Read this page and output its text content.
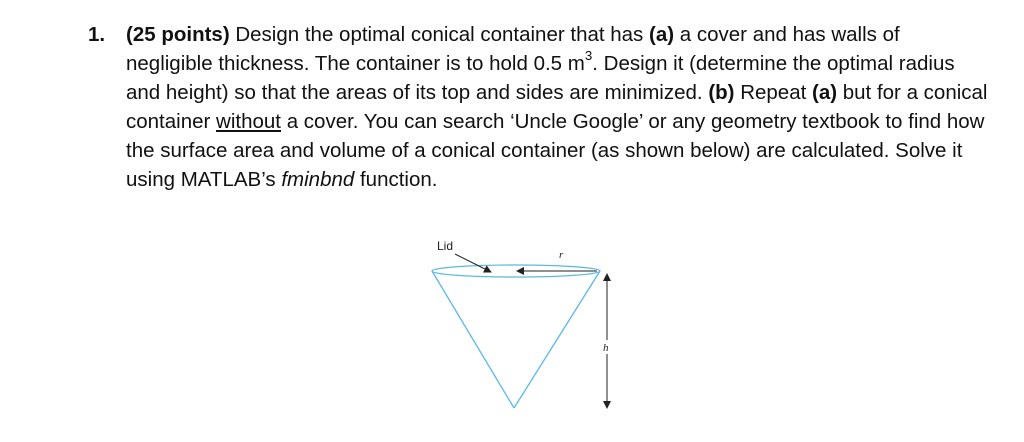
1. (25 points) Design the optimal conical container that has (a) a cover and has walls of negligible thickness. The container is to hold 0.5 $m^3$. Design it (determine the optimal radius and height) so that the areas of its top and sides are minimized. (b) Repeat (a) but for a conical container without a cover. You can search ‘Uncle Google’ or any geometry textbook to find how the surface area and volume of a conical container (as shown below) are calculated. Solve it using MATLAB’s fminbnd function.
Lid
r
h
